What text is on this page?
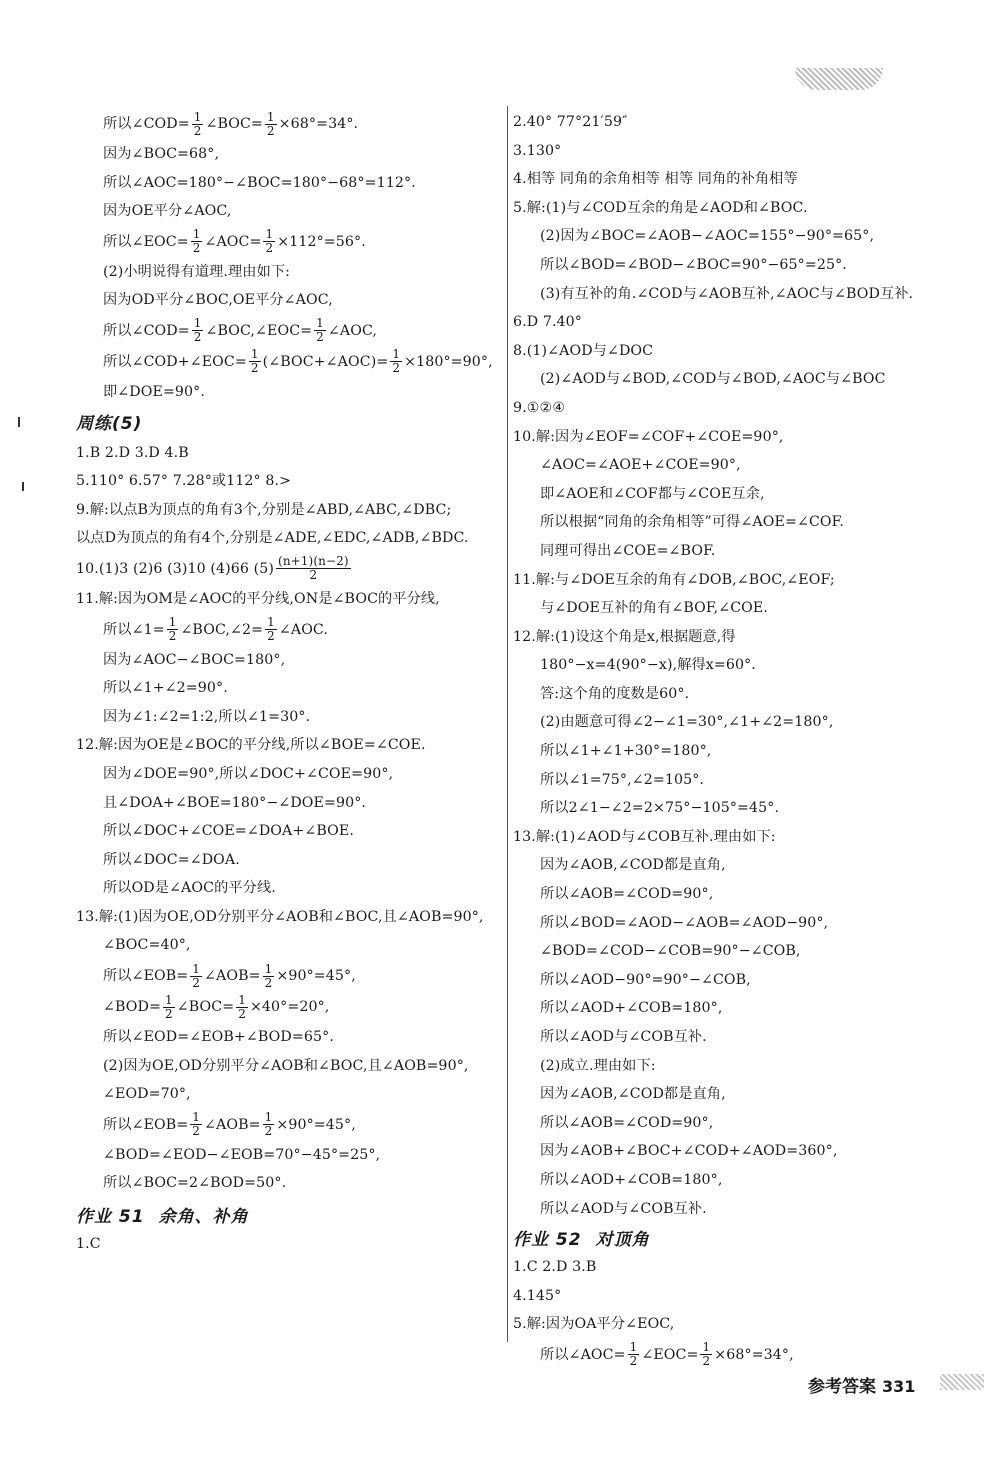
所以∠COD= $\frac{1}{2}$ ∠BOC= $\frac{1}{2} \times 68^\circ=34^\circ$.
因为∠BOC=68°,
所以∠AOC=180°−∠BOC=180°−68°=112°.
因为OE平分∠AOC,
所以∠EOC= $\frac{1}{2}$ ∠AOC= $\frac{1}{2} \times 112^\circ=56^\circ$.
(2)小明说得有道理.理由如下:
因为OD平分∠BOC,OE平分∠AOC,
所以∠COD= $\frac{1}{2}$ ∠BOC,∠EOC= $\frac{1}{2}$ ∠AOC,
所以∠COD+∠EOC= $\frac{1}{2}$ (∠BOC+∠AOC)= $\frac{1}{2} \times 180^\circ=90^\circ$,
即∠DOE=90°.
周练(5)
1.B 2.D 3.D 4.B
5.110° 6.57° 7.28°或112° 8.>
9.解:以点B为顶点的角有3个,分别是∠ABD,∠ABC,∠DBC;
以点D为顶点的角有4个,分别是∠ADE,∠EDC,∠ADB,∠BDC.
10.(1)3 (2)6 (3)10 (4)66 $(5) \frac{(n+1)(n-2)}{2}$
11.解:因为OM是∠AOC的平分线,ON是∠BOC的平分线,
所以∠1= $\frac{1}{2}$ ∠BOC,∠2= $\frac{1}{2}$ ∠AOC.
因为∠AOC−∠BOC=180°,
所以∠1+∠2=90°.
因为∠1:∠2=1:2,所以∠1=30°.
12.解:因为OE是∠BOC的平分线,所以∠BOE=∠COE.
因为∠DOE=90°,所以∠DOC+∠COE=90°,
且∠DOA+∠BOE=180°−∠DOE=90°.
所以∠DOC+∠COE=∠DOA+∠BOE.
所以∠DOC=∠DOA.
所以OD是∠AOC的平分线.
13.解:(1)因为OE,OD分别平分∠AOB和∠BOC,且∠AOB=90°,
∠BOC=40°,
所以∠EOB= $\frac{1}{2}$ ∠AOB= $\frac{1}{2} \times 90^\circ=45^\circ$,
∠BOD= $\frac{1}{2}$ ∠BOC= $\frac{1}{2} \times 40^\circ=20^\circ$,
所以∠EOD=∠EOB+∠BOD=65°.
(2)因为OE,OD分别平分∠AOB和∠BOC,且∠AOB=90°,
∠EOD=70°,
所以∠EOB= $\frac{1}{2}$ ∠AOB= $\frac{1}{2} \times 90^\circ=45^\circ$,
∠BOD=∠EOD−∠EOB=70°−45°=25°,
所以∠BOC=2∠BOD=50°.
作业 51 余角、补角
1.C
2.40° 77°21′59″
3.130°
4.相等 同角的余角相等 相等 同角的补角相等
5.解:(1)与∠COD互余的角是∠AOD和∠BOC.
(2)因为∠BOC=∠AOB−∠AOC=155°−90°=65°,
所以∠BOD=∠BOD−∠BOC=90°−65°=25°.
(3)有互补的角.∠COD与∠AOB互补,∠AOC与∠BOD互补.
6.D 7.40°
8.(1)∠AOD与∠DOC
(2)∠AOD与∠BOD,∠COD与∠BOD,∠AOC与∠BOC
9.①②④
10.解:因为∠EOF=∠COF+∠COE=90°,
∠AOC=∠AOE+∠COE=90°,
即∠AOE和∠COF都与∠COE互余,
所以根据“同角的余角相等”可得∠AOE=∠COF.
同理可得出∠COE=∠BOF.
11.解:与∠DOE互余的角有∠DOB,∠BOC,∠EOF;
与∠DOE互补的角有∠BOF,∠COE.
12.解:(1)设这个角是x,根据题意,得
180°−x=4(90°−x),解得x=60°.
答:这个角的度数是60°.
(2)由题意可得∠2−∠1=30°,∠1+∠2=180°,
所以∠1+∠1+30°=180°,
所以∠1=75°,∠2=105°.
所以2∠1−∠2=2×75°−105°=45°.
13.解:(1)∠AOD与∠COB互补.理由如下:
因为∠AOB,∠COD都是直角,
所以∠AOB=∠COD=90°,
所以∠BOD=∠AOD−∠AOB=∠AOD−90°,
∠BOD=∠COD−∠COB=90°−∠COB,
所以∠AOD−90°=90°−∠COB,
所以∠AOD+∠COB=180°,
所以∠AOD与∠COB互补.
(2)成立.理由如下:
因为∠AOB,∠COD都是直角,
所以∠AOB=∠COD=90°,
因为∠AOB+∠BOC+∠COD+∠AOD=360°,
所以∠AOD+∠COB=180°,
所以∠AOD与∠COB互补.
作业 52 对顶角
1.C 2.D 3.B
4.145°
5.解:因为OA平分∠EOC,
所以∠AOC= $\frac{1}{2}$ ∠EOC= $\frac{1}{2} \times 68^\circ=34^\circ$,
参考答案 331
